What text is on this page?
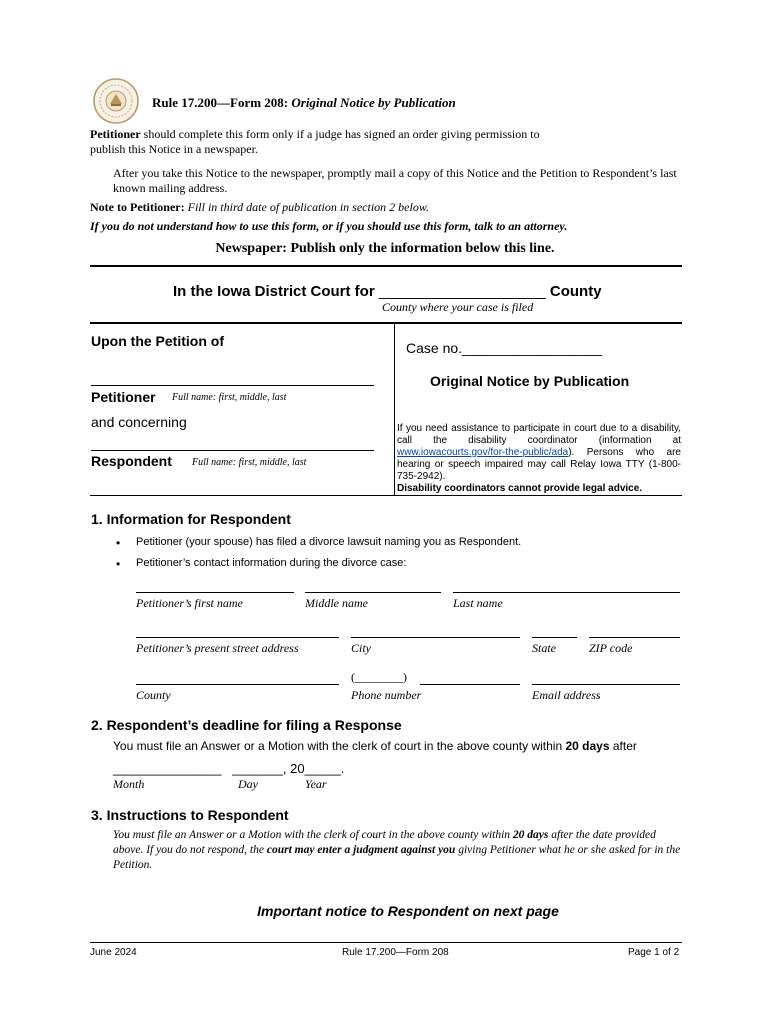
Rule 17.200—Form 208: Original Notice by Publication
Petitioner should complete this form only if a judge has signed an order giving permission to publish this Notice in a newspaper.
After you take this Notice to the newspaper, promptly mail a copy of this Notice and the Petition to Respondent’s last known mailing address.
Note to Petitioner: Fill in third date of publication in section 2 below.
If you do not understand how to use this form, or if you should use this form, talk to an attorney.
Newspaper: Publish only the information below this line.
In the Iowa District Court for ____________________ County
County where your case is filed
Upon the Petition of
Petitioner Full name: first, middle, last
and concerning
Respondent Full name: first, middle, last
Case no.__________________
Original Notice by Publication
If you need assistance to participate in court due to a disability, call the disability coordinator (information at www.iowacourts.gov/for-the-public/ada). Persons who are hearing or speech impaired may call Relay Iowa TTY (1-800-735-2942).
Disability coordinators cannot provide legal advice.
1. Information for Respondent
• Petitioner (your spouse) has filed a divorce lawsuit naming you as Respondent.
• Petitioner’s contact information during the divorce case:
Petitioner’s first name	Middle name	Last name
Petitioner’s present street address	City	State	ZIP code
(________)
County	Phone number	Email address
2. Respondent’s deadline for filing a Response
You must file an Answer or a Motion with the clerk of court in the above county within 20 days after
_______________   _______, 20_____.
Month	Day	Year
3. Instructions to Respondent
You must file an Answer or a Motion with the clerk of court in the above county within 20 days after the date provided above. If you do not respond, the court may enter a judgment against you giving Petitioner what he or she asked for in the Petition.
Important notice to Respondent on next page
June 2024	Rule 17.200—Form 208	Page 1 of 2
